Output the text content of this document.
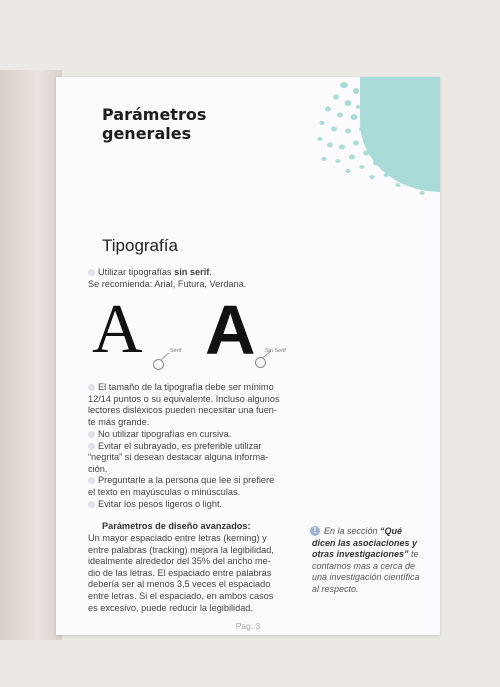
Parámetros
generales
Tipografía
Utilizar tipografías sin serif.
Se recomienda: Arial, Futura, Verdana.
A	Serif A Sin Serif
El tamaño de la tipografía debe ser mínimo
12/14 puntos o su equivalente. Incluso algunos
lectores disléxicos pueden necesitar una fuen-
te más grande.
No utilizar tipografías en cursiva.
Evitar el subrayado, es preferible utilizar
“negrita” si desean destacar alguna informa-
ción.
Preguntarle a la persona que lee si prefiere
el texto en mayúsculas o minúsculas.
Evitar los pesos ligeros o light.
Parámetros de diseño avanzados:
Un mayor espaciado entre letras (kerning) y
entre palabras (tracking) mejora la legibilidad,
idealmente alrededor del 35% del ancho me-
dio de las letras. El espaciado entre palabras
debería ser al menos 3,5 veces el espaciado
entre letras. Si el espaciado, en ambos casos
es excesivo, puede reducir la legibilidad.
! En la sección “Qué dicen las asociaciones y otras investigaciones” te contamos mas a cerca de una investigación científica al respecto.
Pag. 3
